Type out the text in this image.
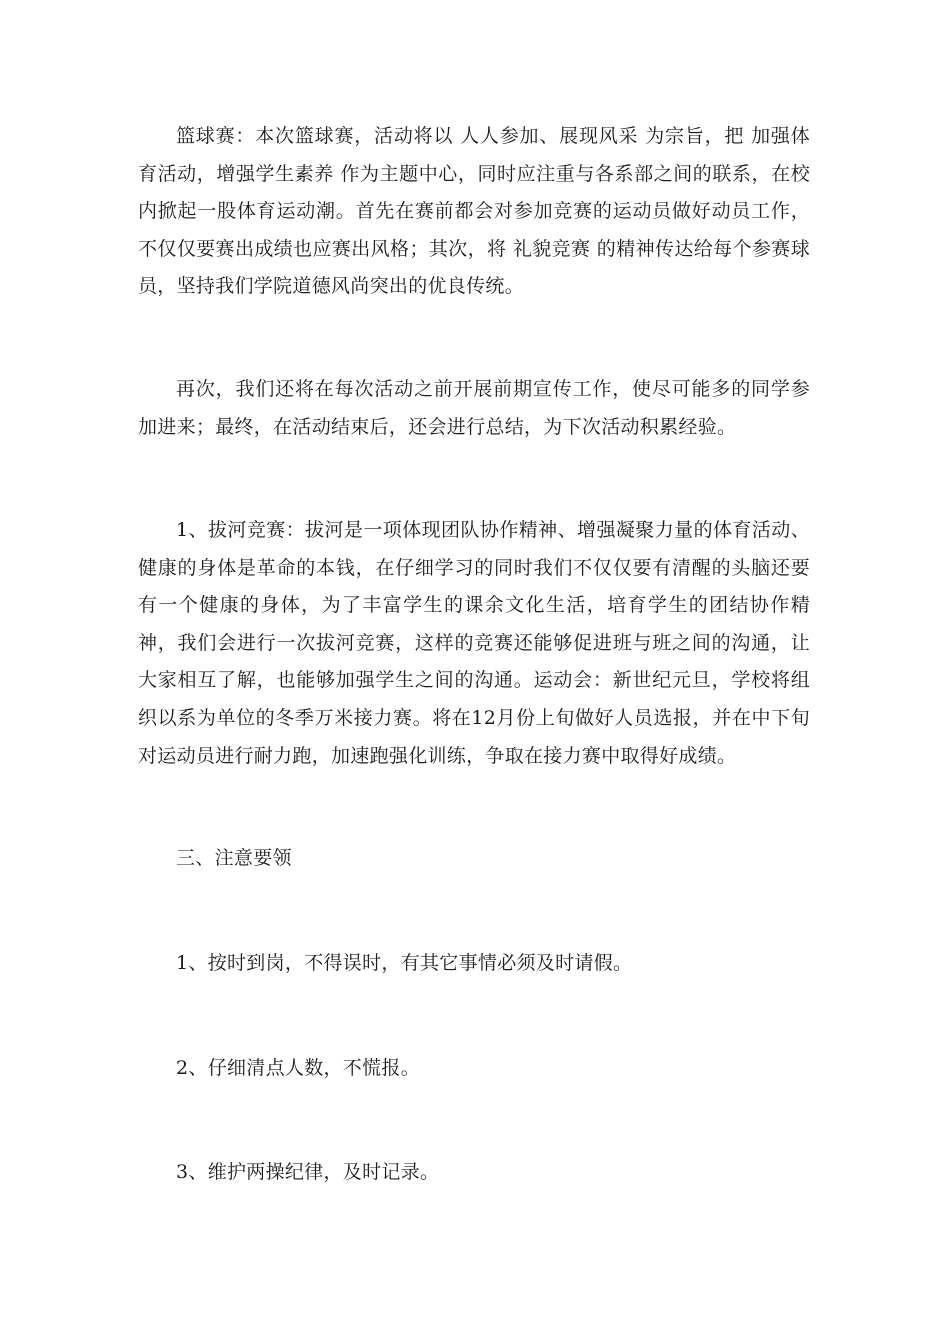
篮球赛：本次篮球赛，活动将以 人人参加、展现风采 为宗旨，把 加强体育活动，增强学生素养 作为主题中心，同时应注重与各系部之间的联系，在校内掀起一股体育运动潮。首先在赛前都会对参加竞赛的运动员做好动员工作，不仅仅要赛出成绩也应赛出风格；其次，将 礼貌竞赛 的精神传达给每个参赛球员，坚持我们学院道德风尚突出的优良传统。

再次，我们还将在每次活动之前开展前期宣传工作，使尽可能多的同学参加进来；最终，在活动结束后，还会进行总结，为下次活动积累经验。

1、拔河竞赛：拔河是一项体现团队协作精神、增强凝聚力量的体育活动、健康的身体是革命的本钱，在仔细学习的同时我们不仅仅要有清醒的头脑还要有一个健康的身体，为了丰富学生的课余文化生活，培育学生的团结协作精神，我们会进行一次拔河竞赛，这样的竞赛还能够促进班与班之间的沟通，让大家相互了解，也能够加强学生之间的沟通。运动会：新世纪元旦，学校将组织以系为单位的冬季万米接力赛。将在12月份上旬做好人员选报，并在中下旬对运动员进行耐力跑，加速跑强化训练，争取在接力赛中取得好成绩。

三、注意要领

1、按时到岗，不得误时，有其它事情必须及时请假。

2、仔细清点人数，不慌报。

3、维护两操纪律，及时记录。
